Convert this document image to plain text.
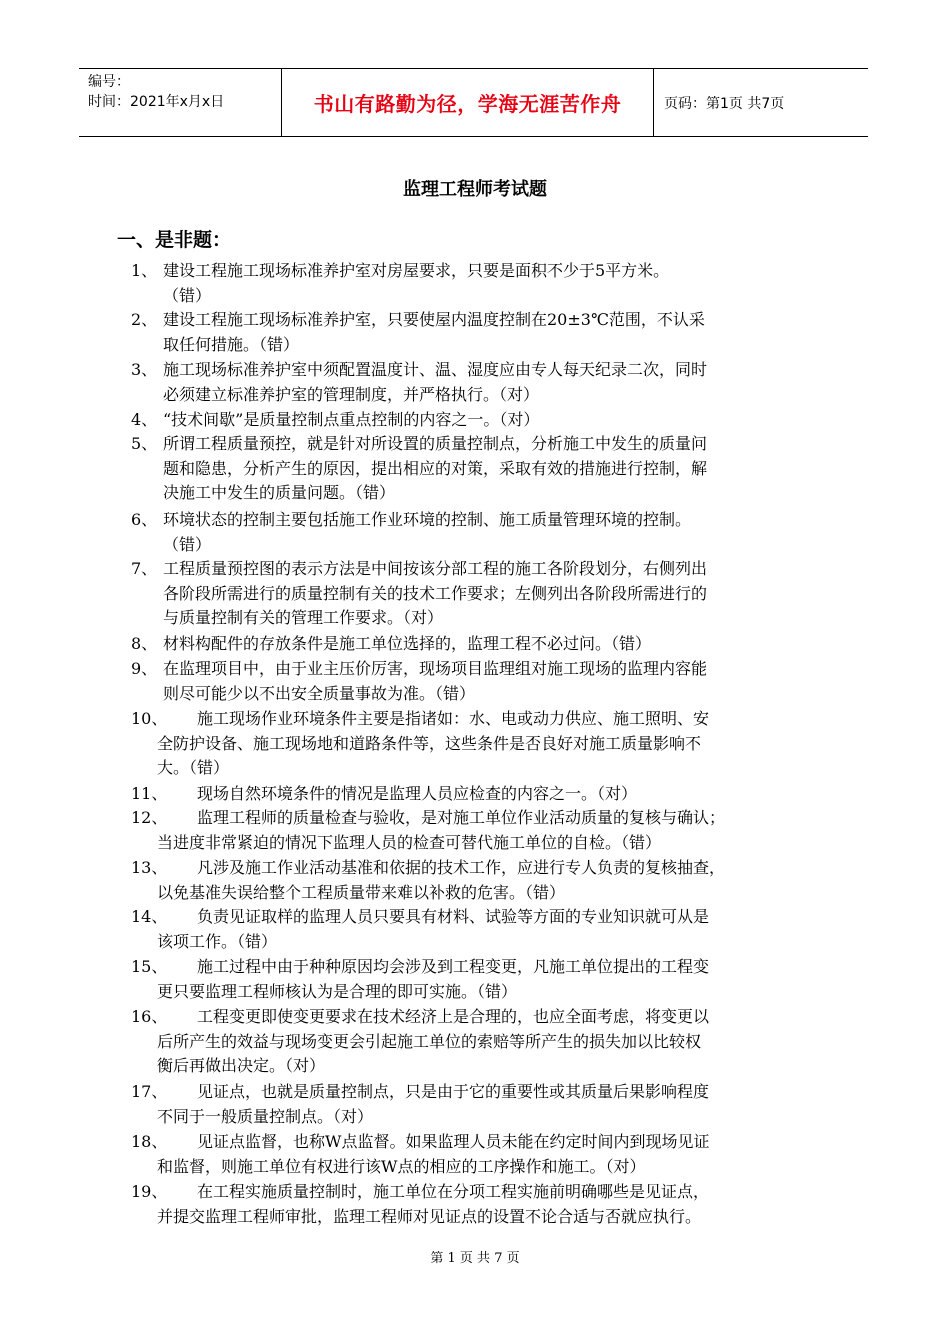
编号：
时间：2021年x月x日	书山有路勤为径，学海无涯苦作舟	页码：第1页 共7页
监理工程师考试题
一、是非题：
1、 建设工程施工现场标准养护室对房屋要求，只要是面积不少于5平方米。
（错）
2、 建设工程施工现场标准养护室，只要使屋内温度控制在20±3℃范围，不认采
取任何措施。（错）
3、 施工现场标准养护室中须配置温度计、温、湿度应由专人每天纪录二次，同时
必须建立标准养护室的管理制度，并严格执行。（对）
4、 “技术间歇”是质量控制点重点控制的内容之一。（对）
5、 所谓工程质量预控，就是针对所设置的质量控制点，分析施工中发生的质量问
题和隐患，分析产生的原因，提出相应的对策，采取有效的措施进行控制，解
决施工中发生的质量问题。（错）
6、 环境状态的控制主要包括施工作业环境的控制、施工质量管理环境的控制。
（错）
7、 工程质量预控图的表示方法是中间按该分部工程的施工各阶段划分，右侧列出
各阶段所需进行的质量控制有关的技术工作要求；左侧列出各阶段所需进行的
与质量控制有关的管理工作要求。（对）
8、 材料构配件的存放条件是施工单位选择的，监理工程不必过问。（错）
9、 在监理项目中，由于业主压价厉害，现场项目监理组对施工现场的监理内容能
则尽可能少以不出安全质量事故为准。（错）
10、	施工现场作业环境条件主要是指诸如：水、电或动力供应、施工照明、安
全防护设备、施工现场地和道路条件等，这些条件是否良好对施工质量影响不
大。（错）
11、	现场自然环境条件的情况是监理人员应检查的内容之一。（对）
12、	监理工程师的质量检查与验收，是对施工单位作业活动质量的复核与确认；
当进度非常紧迫的情况下监理人员的检查可替代施工单位的自检。（错）
13、	凡涉及施工作业活动基准和依据的技术工作，应进行专人负责的复核抽查，
以免基准失误给整个工程质量带来难以补救的危害。（错）
14、	负责见证取样的监理人员只要具有材料、试验等方面的专业知识就可从是
该项工作。（错）
15、	施工过程中由于种种原因均会涉及到工程变更，凡施工单位提出的工程变
更只要监理工程师核认为是合理的即可实施。（错）
16、	工程变更即使变更要求在技术经济上是合理的，也应全面考虑，将变更以
后所产生的效益与现场变更会引起施工单位的索赔等所产生的损失加以比较权
衡后再做出决定。（对）
17、	见证点，也就是质量控制点，只是由于它的重要性或其质量后果影响程度
不同于一般质量控制点。（对）
18、	见证点监督，也称W点监督。如果监理人员未能在约定时间内到现场见证
和监督，则施工单位有权进行该W点的相应的工序操作和施工。（对）
19、	在工程实施质量控制时，施工单位在分项工程实施前明确哪些是见证点，
并提交监理工程师审批，监理工程师对见证点的设置不论合适与否就应执行。
第 1 页 共 7 页
